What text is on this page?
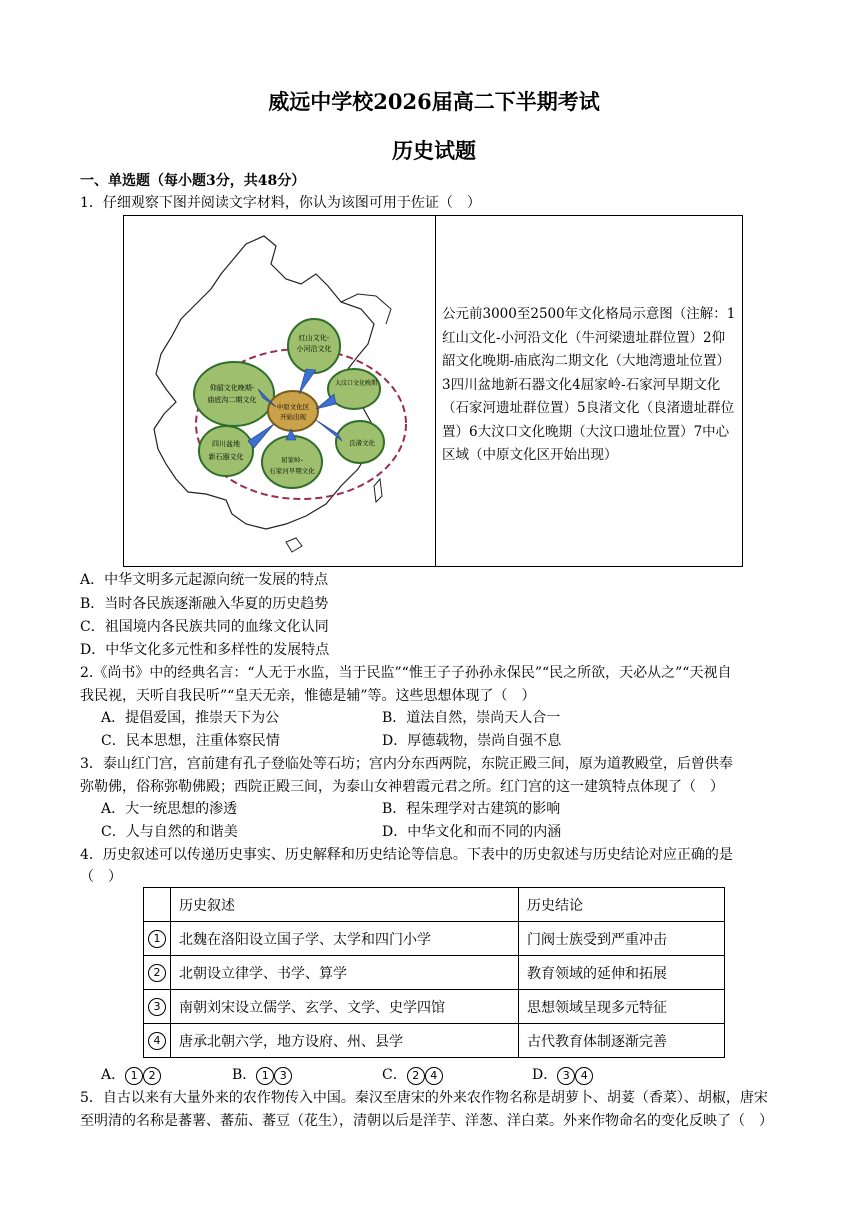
威远中学校2026届高二下半期考试
历史试题
一、单选题（每小题3分，共48分）
1．仔细观察下图并阅读文字材料，你认为该图可用于佐证（　）
红山文化-
小河沿文化
仰韶文化晚期-
庙底沟二期文化
中原文化区
开始出现
大汶口文化晚期
四川盆地
新石器文化	屈家岭-
石家河早期文化
良渚文化
公元前3000至2500年文化格局示意图（注解：1红山文化-小河沿文化（牛河梁遗址群位置）2仰韶文化晚期-庙底沟二期文化（大地湾遗址位置）3四川盆地新石器文化4屈家岭-石家河早期文化（石家河遗址群位置）5良渚文化（良渚遗址群位置）6大汶口文化晚期（大汶口遗址位置）7中心区域（中原文化区开始出现）
A．中华文明多元起源向统一发展的特点
B．当时各民族逐渐融入华夏的历史趋势
C．祖国境内各民族共同的血缘文化认同
D．中华文化多元性和多样性的发展特点
2.《尚书》中的经典名言：“人无于水监，当于民监”“惟王子子孙孙永保民”“民之所欲，天必从之”“天视自
我民视，天听自我民听”“皇天无亲，惟德是辅”等。这些思想体现了（　）
A．提倡爱国，推崇天下为公	B．道法自然，崇尚天人合一
C．民本思想，注重体察民情	D．厚德载物，崇尚自强不息
3．泰山红门宫，宫前建有孔子登临处等石坊；宫内分东西两院，东院正殿三间，原为道教殿堂，后曾供奉
弥勒佛，俗称弥勒佛殿；西院正殿三间，为泰山女神碧霞元君之所。红门宫的这一建筑特点体现了（　）
A．大一统思想的渗透	B．程朱理学对古建筑的影响
C．人与自然的和谐美	D．中华文化和而不同的内涵
4．历史叙述可以传递历史事实、历史解释和历史结论等信息。下表中的历史叙述与历史结论对应正确的是
（　）
	历史叙述	历史结论
1	北魏在洛阳设立国子学、太学和四门小学	门阀士族受到严重冲击
2	北朝设立律学、书学、算学	教育领域的延伸和拓展
3	南朝刘宋设立儒学、玄学、文学、史学四馆	思想领域呈现多元特征
4	唐承北朝六学，地方设府、州、县学	古代教育体制逐渐完善
A． 1 2	B． 1 3	C． 2 4	D． 3 4
5．自古以来有大量外来的农作物传入中国。秦汉至唐宋的外来农作物名称是胡萝卜、胡荽（香菜）、胡椒，唐宋
至明清的名称是蕃薯、蕃茄、蕃豆（花生），清朝以后是洋芋、洋葱、洋白菜。外来作物命名的变化反映了（　）
